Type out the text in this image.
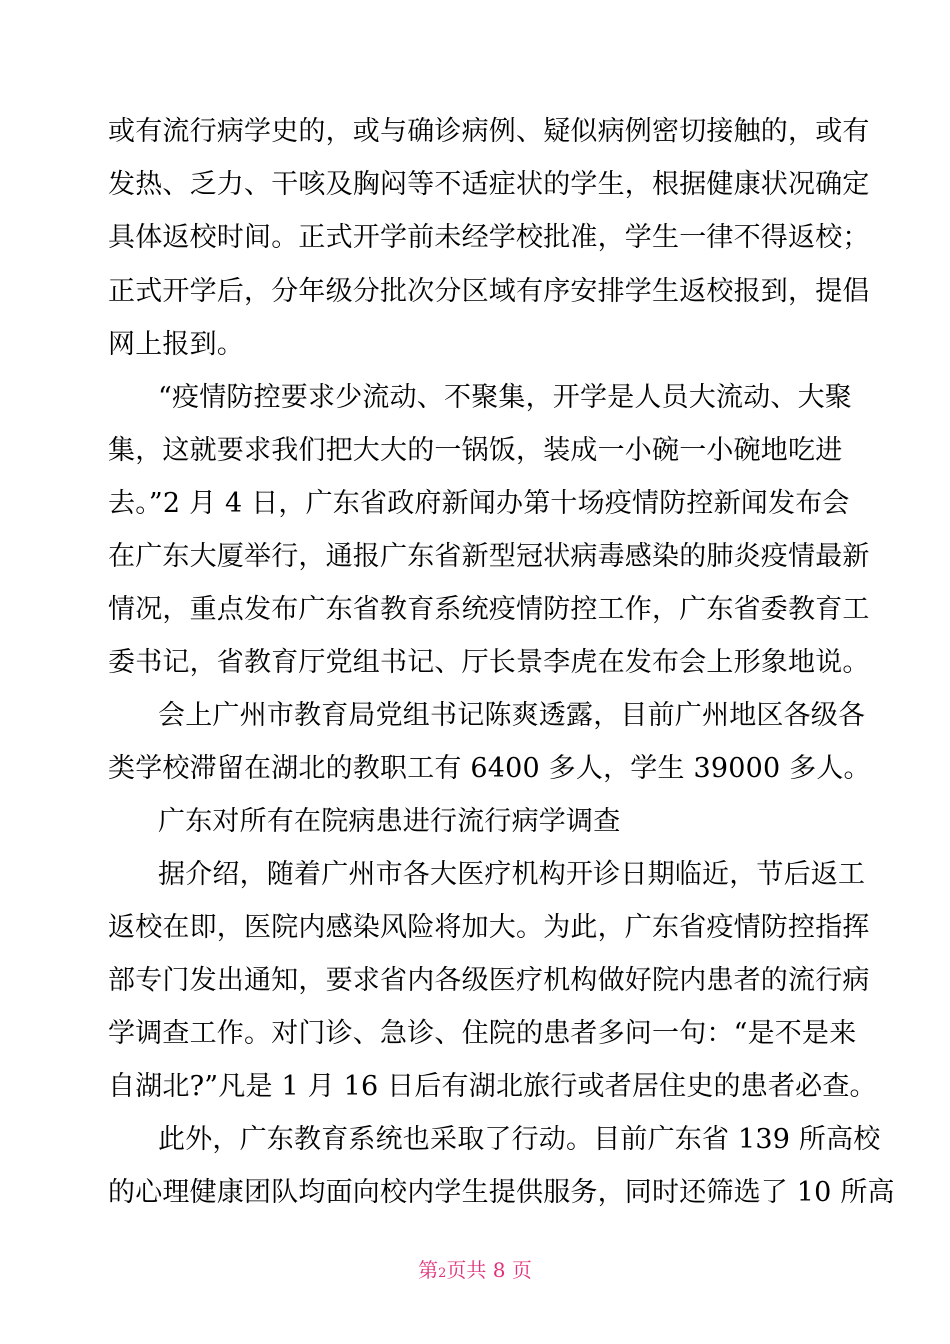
或有流行病学史的，或与确诊病例、疑似病例密切接触的，或有
发热、乏力、干咳及胸闷等不适症状的学生，根据健康状况确定
具体返校时间。正式开学前未经学校批准，学生一律不得返校；
正式开学后，分年级分批次分区域有序安排学生返校报到，提倡
网上报到。
“疫情防控要求少流动、不聚集，开学是人员大流动、大聚
集，这就要求我们把大大的一锅饭，装成一小碗一小碗地吃进
去。”2 月 4 日，广东省政府新闻办第十场疫情防控新闻发布会
在广东大厦举行，通报广东省新型冠状病毒感染的肺炎疫情最新
情况，重点发布广东省教育系统疫情防控工作，广东省委教育工
委书记，省教育厅党组书记、厅长景李虎在发布会上形象地说。
会上广州市教育局党组书记陈爽透露，目前广州地区各级各
类学校滞留在湖北的教职工有 6400 多人，学生 39000 多人。
广东对所有在院病患进行流行病学调查
据介绍，随着广州市各大医疗机构开诊日期临近，节后返工
返校在即，医院内感染风险将加大。为此，广东省疫情防控指挥
部专门发出通知，要求省内各级医疗机构做好院内患者的流行病
学调查工作。对门诊、急诊、住院的患者多问一句：“是不是来
自湖北?”凡是 1 月 16 日后有湖北旅行或者居住史的患者必查。
此外，广东教育系统也采取了行动。目前广东省 139 所高校
的心理健康团队均面向校内学生提供服务，同时还筛选了 10 所高
第2页共 8 页
